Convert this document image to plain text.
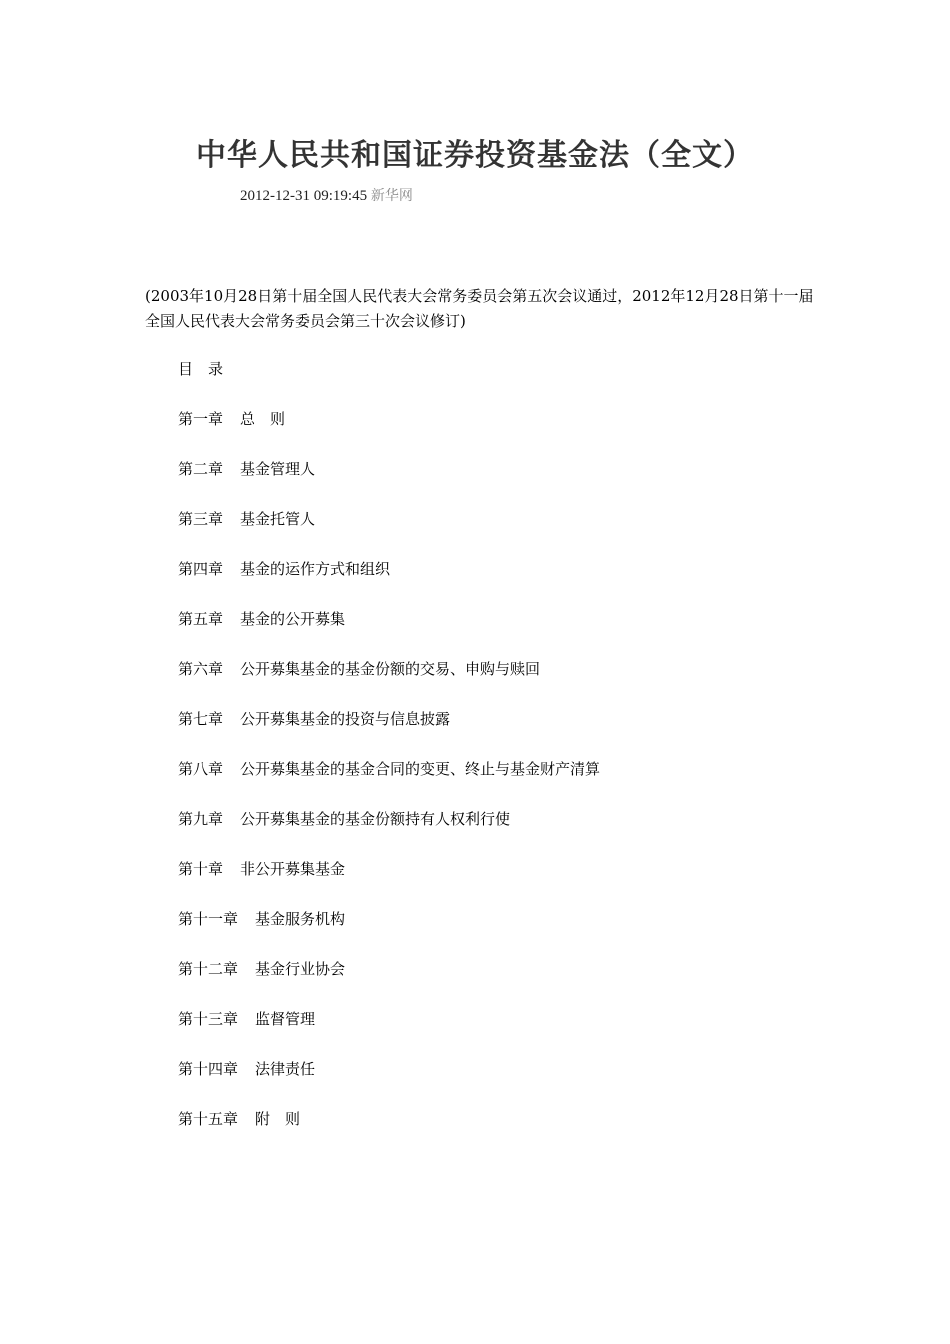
中华人民共和国证券投资基金法（全文）
2012-12-31 09:19:45 新华网
(2003年10月28日第十届全国人民代表大会常务委员会第五次会议通过，2012年12月28日第十一届全国人民代表大会常务委员会第三十次会议修订)
目　录
第一章 总　则
第二章 基金管理人
第三章 基金托管人
第四章 基金的运作方式和组织
第五章 基金的公开募集
第六章 公开募集基金的基金份额的交易、申购与赎回
第七章 公开募集基金的投资与信息披露
第八章 公开募集基金的基金合同的变更、终止与基金财产清算
第九章 公开募集基金的基金份额持有人权利行使
第十章 非公开募集基金
第十一章 基金服务机构
第十二章 基金行业协会
第十三章 监督管理
第十四章 法律责任
第十五章 附　则
